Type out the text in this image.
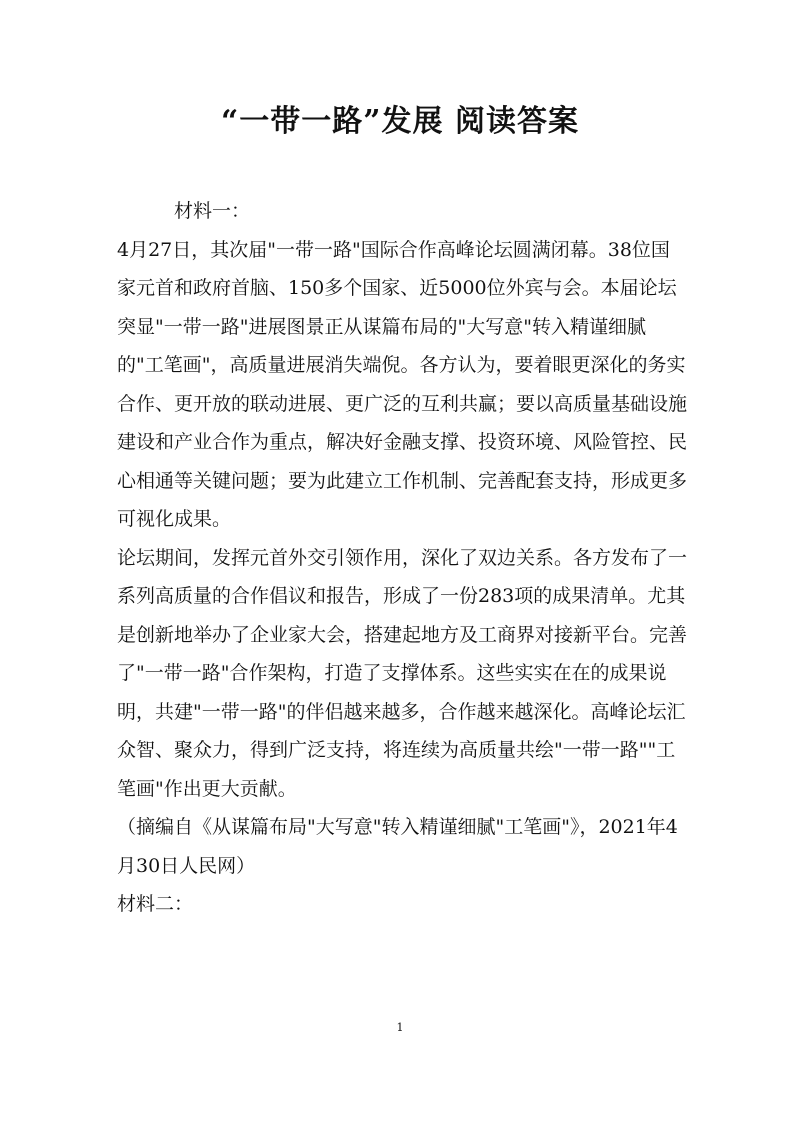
“一带一路”发展 阅读答案

材料一：

4月27日，其次届"一带一路"国际合作高峰论坛圆满闭幕。38位国家元首和政府首脑、150多个国家、近5000位外宾与会。本届论坛突显"一带一路"进展图景正从谋篇布局的"大写意"转入精谨细腻的"工笔画"，高质量进展消失端倪。各方认为，要着眼更深化的务实合作、更开放的联动进展、更广泛的互利共赢；要以高质量基础设施建设和产业合作为重点，解决好金融支撑、投资环境、风险管控、民心相通等关键问题；要为此建立工作机制、完善配套支持，形成更多可视化成果。

论坛期间，发挥元首外交引领作用，深化了双边关系。各方发布了一系列高质量的合作倡议和报告，形成了一份283项的成果清单。尤其是创新地举办了企业家大会，搭建起地方及工商界对接新平台。完善了"一带一路"合作架构，打造了支撑体系。这些实实在在的成果说明，共建"一带一路"的伴侣越来越多，合作越来越深化。高峰论坛汇众智、聚众力，得到广泛支持，将连续为高质量共绘"一带一路""工笔画"作出更大贡献。

（摘编自《从谋篇布局"大写意"转入精谨细腻"工笔画"》，2021年4月30日人民网）

材料二：

1
